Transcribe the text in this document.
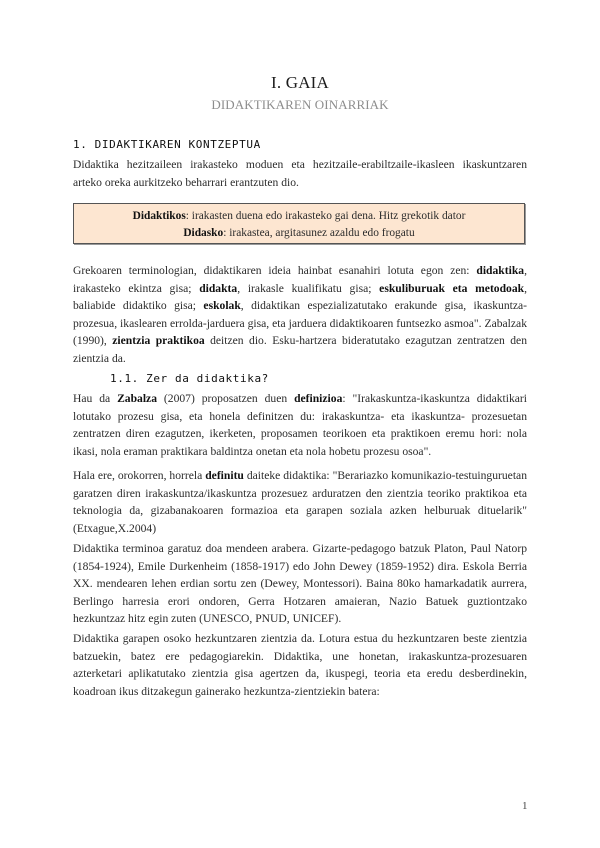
I. GAIA
DIDAKTIKAREN OINARRIAK
1. DIDAKTIKAREN KONTZEPTUA

Didaktika hezitzaileen irakasteko moduen eta hezitzaile-erabiltzaile-ikasleen ikaskuntzaren arteko oreka aurkitzeko beharrari erantzuten dio.

Didaktikos: irakasten duena edo irakasteko gai dena. Hitz grekotik dator
Didasko: irakastea, argitasunez azaldu edo frogatu

Grekoaren terminologian, didaktikaren ideia hainbat esanahiri lotuta egon zen: didaktika, irakasteko ekintza gisa; didakta, irakasle kualifikatu gisa; eskuliburuak eta metodoak, baliabide didaktiko gisa; eskolak, didaktikan espezializatutako erakunde gisa, ikaskuntza-prozesua, ikaslearen errolda-jarduera gisa, eta jarduera didaktikoaren funtsezko asmoa". Zabalzak (1990), zientzia praktikoa deitzen dio. Esku-hartzera bideratutako ezagutzan zentratzen den zientzia da.

1.1. Zer da didaktika?

Hau da Zabalza (2007) proposatzen duen definizioa: "Irakaskuntza-ikaskuntza didaktikari lotutako prozesu gisa, eta honela definitzen du: irakaskuntza- eta ikaskuntza- prozesuetan zentratzen diren ezagutzen, ikerketen, proposamen teorikoen eta praktikoen eremu hori: nola ikasi, nola eraman praktikara baldintza onetan eta nola hobetu prozesu osoa".

Hala ere, orokorren, horrela definitu daiteke didaktika: "Berariazko komunikazio-testuinguruetan garatzen diren irakaskuntza/ikaskuntza prozesuez arduratzen den zientzia teoriko praktikoa eta teknologia da, gizabanakoaren formazioa eta garapen soziala azken helburuak dituelarik" (Etxague,X.2004)

Didaktika terminoa garatuz doa mendeen arabera. Gizarte-pedagogo batzuk Platon, Paul Natorp (1854-1924), Emile Durkenheim (1858-1917) edo John Dewey (1859-1952) dira. Eskola Berria XX. mendearen lehen erdian sortu zen (Dewey, Montessori). Baina 80ko hamarkadatik aurrera, Berlingo harresia erori ondoren, Gerra Hotzaren amaieran, Nazio Batuek guztiontzako hezkuntzaz hitz egin zuten (UNESCO, PNUD, UNICEF).

Didaktika garapen osoko hezkuntzaren zientzia da. Lotura estua du hezkuntzaren beste zientzia batzuekin, batez ere pedagogiarekin. Didaktika, une honetan, irakaskuntza-prozesuaren azterketari aplikatutako zientzia gisa agertzen da, ikuspegi, teoria eta eredu desberdinekin, koadroan ikus ditzakegun gainerako hezkuntza-zientziekin batera:

1
